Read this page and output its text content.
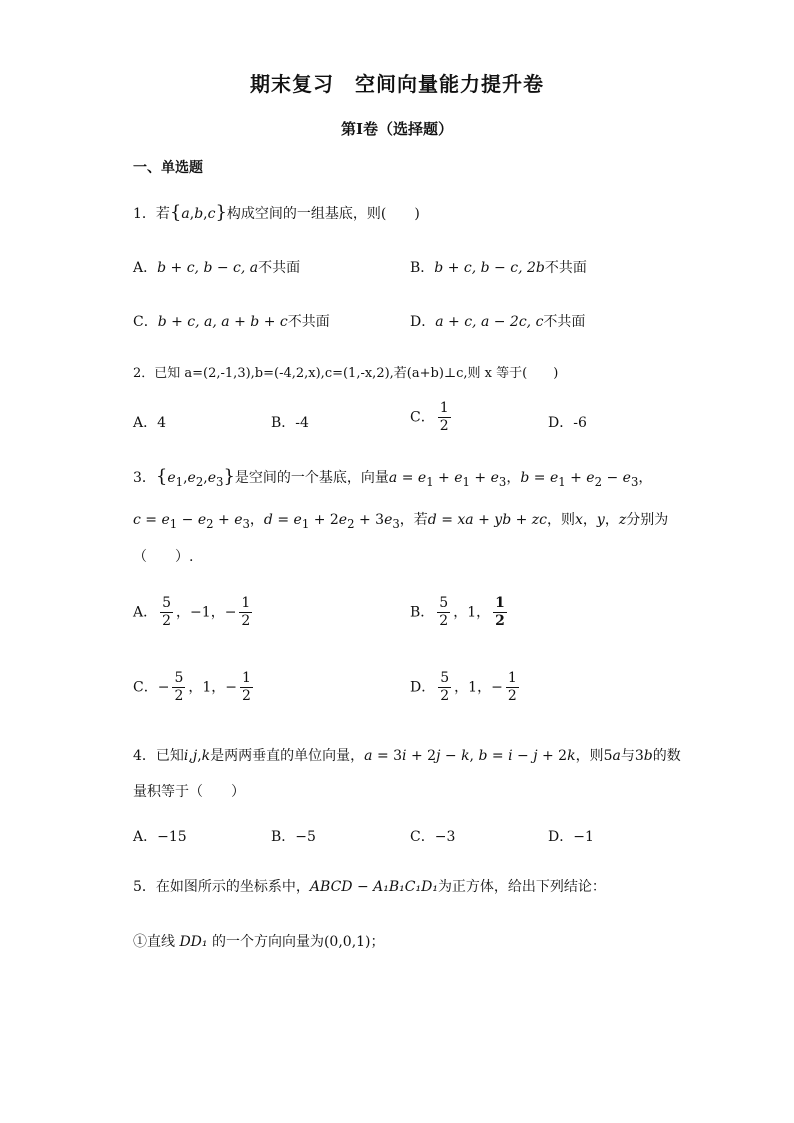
期末复习　空间向量能力提升卷
第Ⅰ卷（选择题）
一、单选题
1．若{a,b,c}构成空间的一组基底，则(　　)
A．b + c, b − c, a不共面	B．b + c, b − c, 2b不共面
C．b + c, a, a + b + c不共面	D．a + c, a − 2c, c不共面
2．已知 a=(2,-1,3),b=(-4,2,x),c=(1,-x,2),若(a+b)⊥c,则 x 等于(　　)
A．4	B．-4	C． $\frac{1}{2}$	D．-6
3．$\{e_1,e_2,e_3\}$是空间的一个基底，向量$a = e_1 + e_1 + e_3$，$b = e_1 + e_2 - e_3$，
$c = e_1 - e_2 + e_3$，$d = e_1 + 2e_2 + 3e_3$，若d = xa + yb + zc，则x，y，z分别为
（　　）.
A． $\frac{5}{2}$ ，−1，− $\frac{1}{2}$	B． $\frac{5}{2}$ ，1， $\frac{1}{2}$
C．− $\frac{5}{2}$ ，1，− $\frac{1}{2}$	D． $\frac{5}{2}$ ，1，− $\frac{1}{2}$
4．已知i,j,k是两两垂直的单位向量，a = 3i + 2j − k, b = i − j + 2k，则5a与3b的数
量积等于（　　）
A．−15	B．−5	C．−3	D．−1
5．在如图所示的坐标系中，ABCD − A₁B₁C₁D₁为正方体，给出下列结论：
①直线 DD₁ 的一个方向向量为(0,0,1)；
